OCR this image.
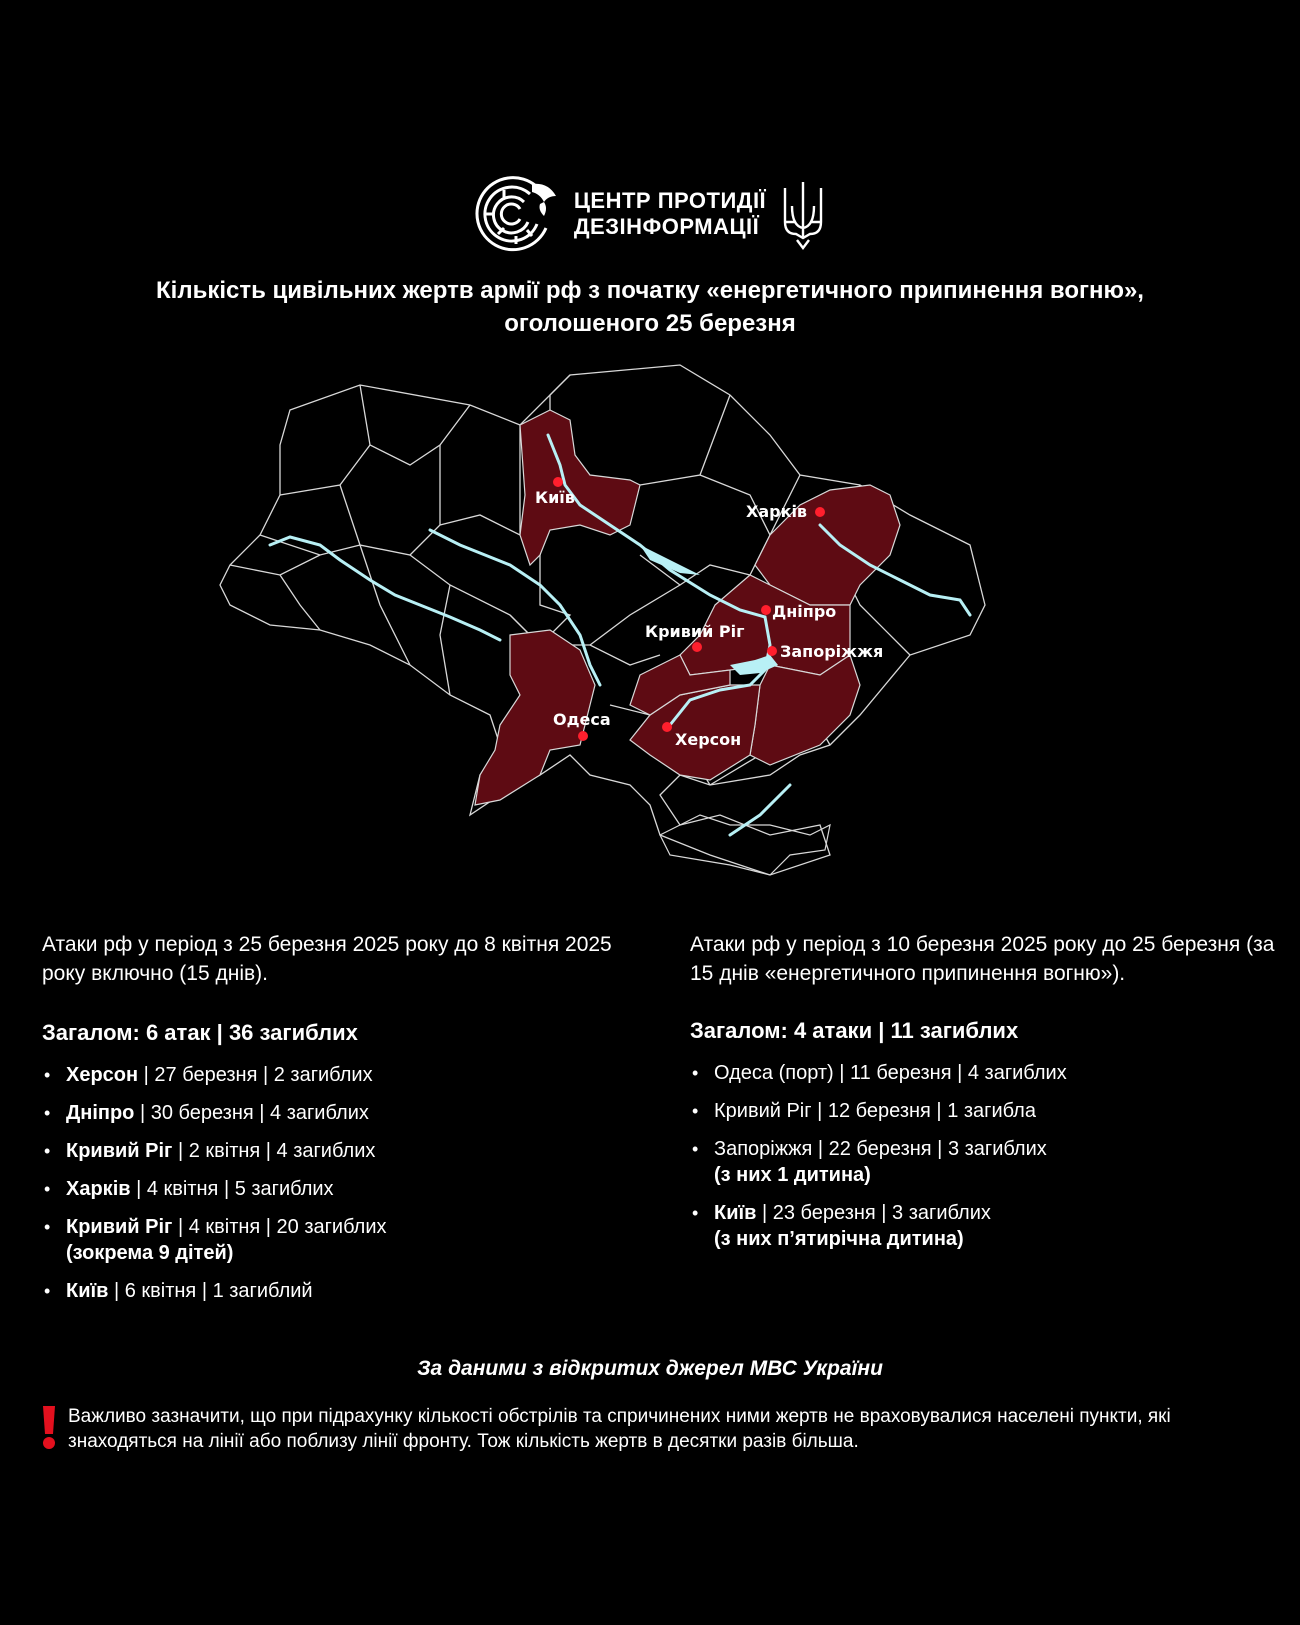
ЦЕНТР ПРОТИДІЇ
ДЕЗІНФОРМАЦІЇ
Кількість цивільних жертв армії рф з початку «енергетичного припинення вогню»,
оголошеного 25 березня
Київ
Харків
Дніпро
Кривий Ріг
Запоріжжя
Одеса
Херсон

Атаки рф у період з 25 березня 2025 року до 8 квітня 2025 року включно (15 днів).

Загалом: 6 атак | 36 загиблих
• Херсон | 27 березня | 2 загиблих
• Дніпро | 30 березня | 4 загиблих
• Кривий Ріг | 2 квітня | 4 загиблих
• Харків | 4 квітня | 5 загиблих
• Кривий Ріг | 4 квітня | 20 загиблих
(зокрема 9 дітей)
• Київ | 6 квітня | 1 загиблий

Атаки рф у період з 10 березня 2025 року до 25 березня (за 15 днів «енергетичного припинення вогню»).

Загалом: 4 атаки | 11 загиблих
• Одеса (порт) | 11 березня | 4 загиблих
• Кривий Ріг | 12 березня | 1 загибла
• Запоріжжя | 22 березня | 3 загиблих
(з них 1 дитина)
• Київ | 23 березня | 3 загиблих
(з них п’ятирічна дитина)
За даними з відкритих джерел МВС України
Важливо зазначити, що при підрахунку кількості обстрілів та спричинених ними жертв не враховувалися населені пункти, які знаходяться на лінії або поблизу лінії фронту. Тож кількість жертв в десятки разів більша.
